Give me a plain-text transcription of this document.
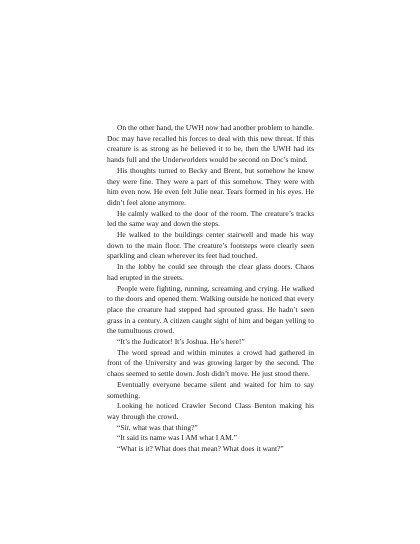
On the other hand, the UWH now had another problem to handle. Doc may have recalled his forces to deal with this new threat. If this creature is as strong as he believed it to be, then the UWH had its hands full and the Underworlders would be second on Doc’s mind.

His thoughts turned to Becky and Brent, but somehow he knew they were fine. They were a part of this somehow. They were with him even now. He even felt Julie near. Tears formed in his eyes. He didn’t feel alone anymore.

He calmly walked to the door of the room. The creature’s tracks led the same way and down the steps.

He walked to the buildings center stairwell and made his way down to the main floor. The creature’s footsteps were clearly seen sparkling and clean wherever its feet had touched.

In the lobby he could see through the clear glass doors. Chaos had erupted in the streets.

People were fighting, running, screaming and crying. He walked to the doors and opened them. Walking outside he noticed that every place the creature had stepped had sprouted grass. He hadn’t seen grass in a century. A citizen caught sight of him and began yelling to the tumultuous crowd.

“It’s the Judicator! It’s Joshua. He’s here!”

The word spread and within minutes a crowd had gathered in front of the University and was growing larger by the second. The chaos seemed to settle down. Josh didn’t move. He just stood there.

Eventually everyone became silent and waited for him to say something.

Looking he noticed Crawler Second Class Benton making his way through the crowd.

“Sir, what was that thing?”

“It said its name was I AM what I AM.”

“What is it? What does that mean? What does it want?”
